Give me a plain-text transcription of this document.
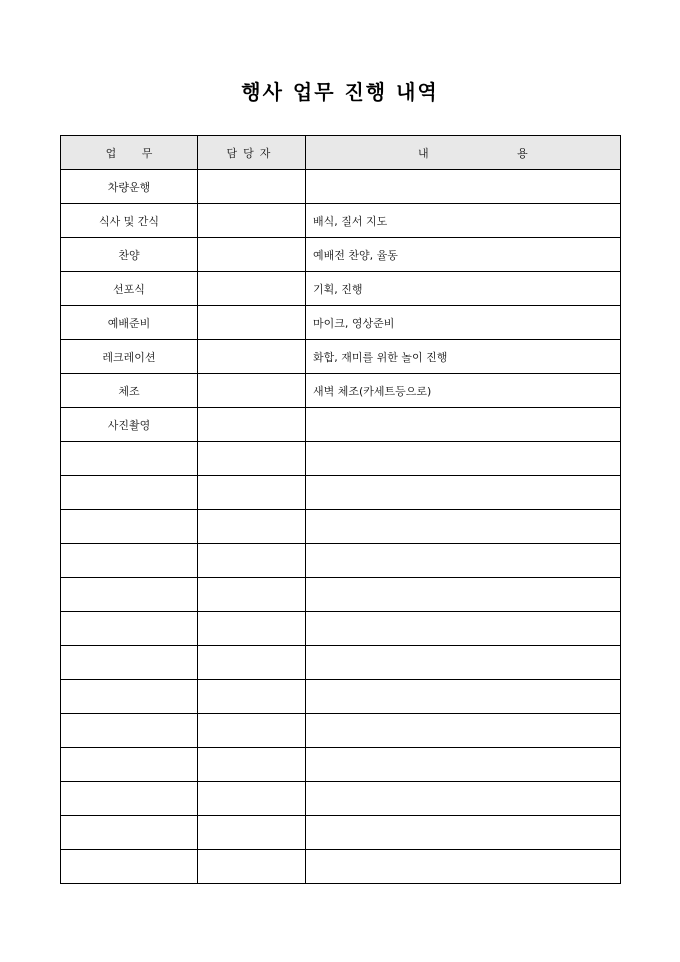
행사 업무 진행 내역
업 무	담당자	내 용
차량운행		
식사 및 간식		배식, 질서 지도
찬양		예배전 찬양, 율동
선포식		기획, 진행
예배준비		마이크, 영상준비
레크레이션		화합, 재미를 위한 놀이 진행
체조		새벽 체조(카세트등으로)
사진촬영		
